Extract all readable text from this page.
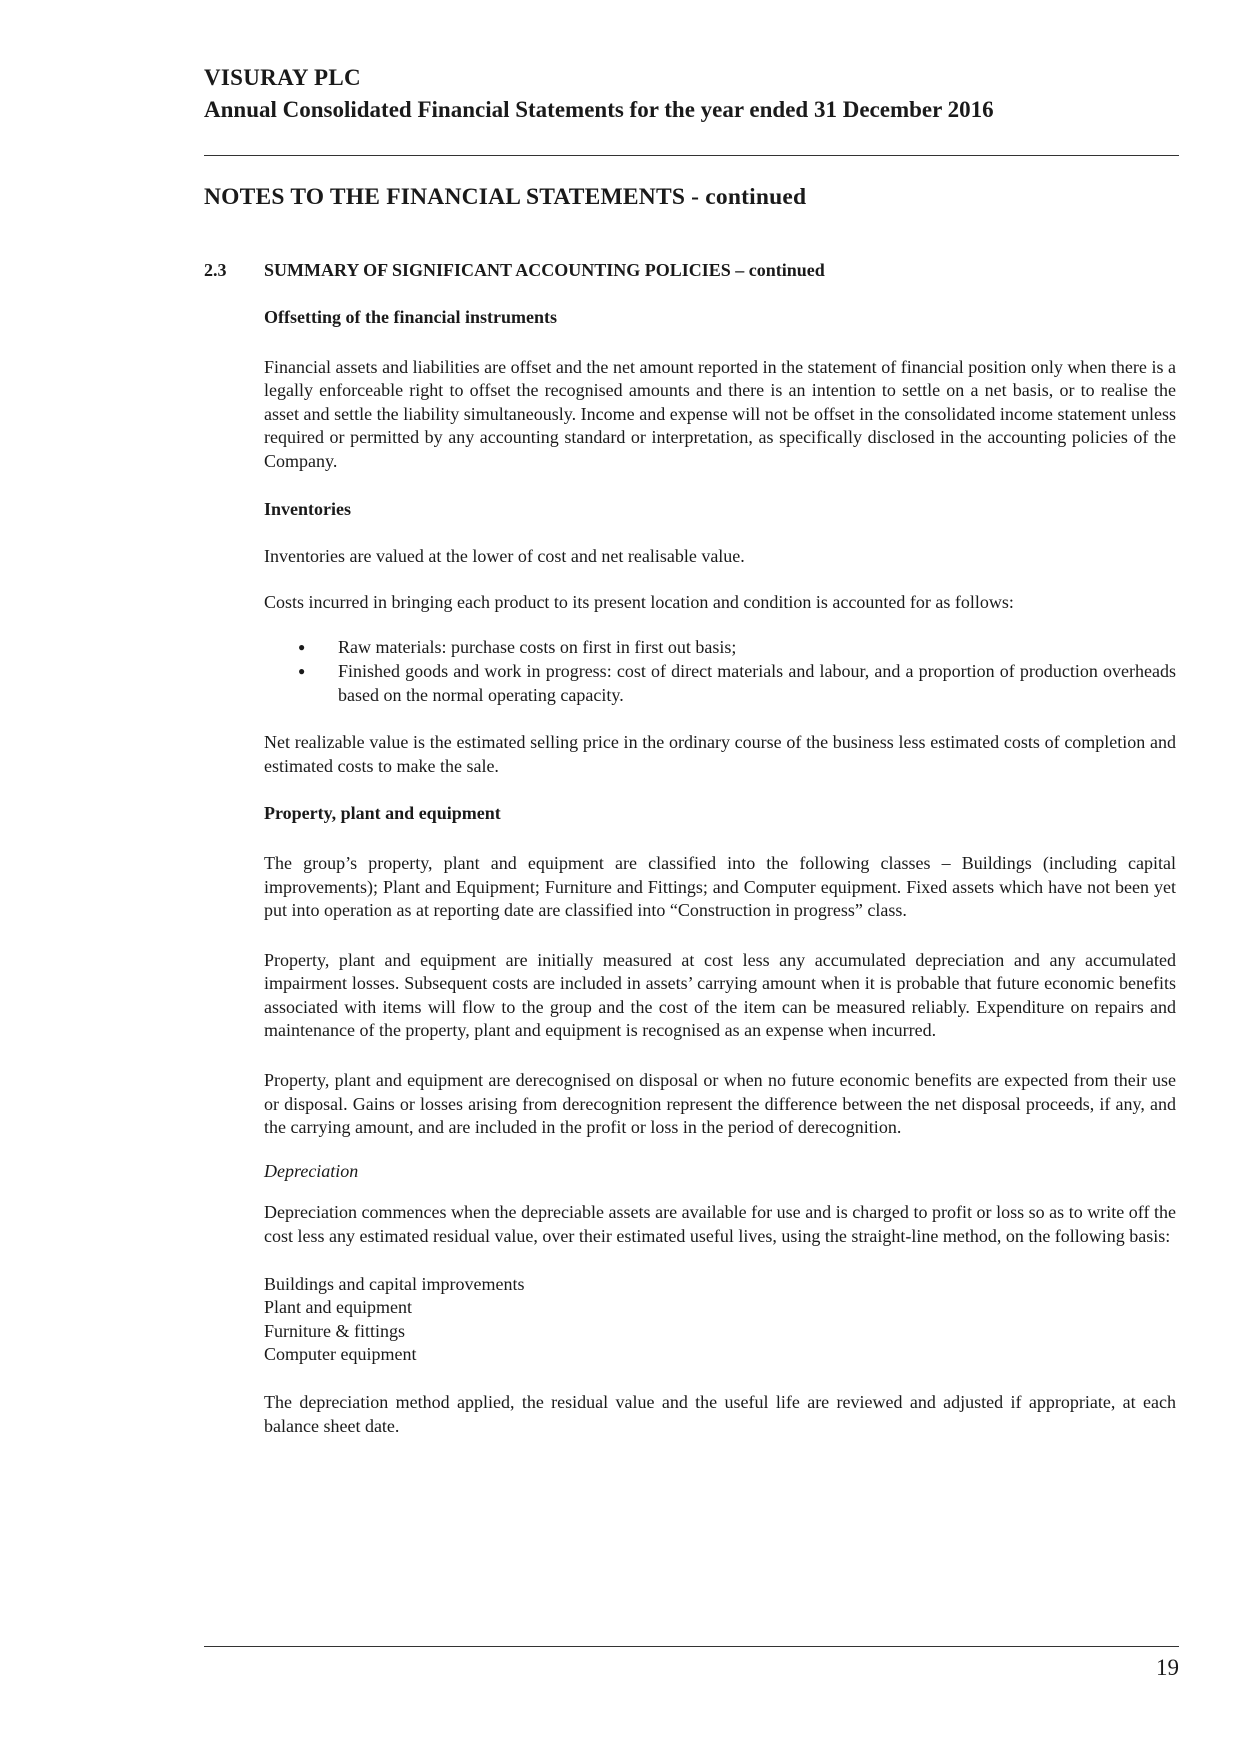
VISURAY PLC
Annual Consolidated Financial Statements for the year ended 31 December 2016
NOTES TO THE FINANCIAL STATEMENTS - continued
2.3 SUMMARY OF SIGNIFICANT ACCOUNTING POLICIES – continued

Offsetting of the financial instruments

Financial assets and liabilities are offset and the net amount reported in the statement of financial position only when there is a legally enforceable right to offset the recognised amounts and there is an intention to settle on a net basis, or to realise the asset and settle the liability simultaneously. Income and expense will not be offset in the consolidated income statement unless required or permitted by any accounting standard or interpretation, as specifically disclosed in the accounting policies of the Company.

Inventories

Inventories are valued at the lower of cost and net realisable value.

Costs incurred in bringing each product to its present location and condition is accounted for as follows:

● Raw materials: purchase costs on first in first out basis;
● Finished goods and work in progress: cost of direct materials and labour, and a proportion of production overheads based on the normal operating capacity.

Net realizable value is the estimated selling price in the ordinary course of the business less estimated costs of completion and estimated costs to make the sale.

Property, plant and equipment

The group’s property, plant and equipment are classified into the following classes – Buildings (including capital improvements); Plant and Equipment; Furniture and Fittings; and Computer equipment. Fixed assets which have not been yet put into operation as at reporting date are classified into “Construction in progress” class.

Property, plant and equipment are initially measured at cost less any accumulated depreciation and any accumulated impairment losses. Subsequent costs are included in assets’ carrying amount when it is probable that future economic benefits associated with items will flow to the group and the cost of the item can be measured reliably. Expenditure on repairs and maintenance of the property, plant and equipment is recognised as an expense when incurred.

Property, plant and equipment are derecognised on disposal or when no future economic benefits are expected from their use or disposal. Gains or losses arising from derecognition represent the difference between the net disposal proceeds, if any, and the carrying amount, and are included in the profit or loss in the period of derecognition.

Depreciation

Depreciation commences when the depreciable assets are available for use and is charged to profit or loss so as to write off the cost less any estimated residual value, over their estimated useful lives, using the straight-line method, on the following basis:

Buildings and capital improvements
Plant and equipment
Furniture & fittings
Computer equipment

The depreciation method applied, the residual value and the useful life are reviewed and adjusted if appropriate, at each balance sheet date.

19
